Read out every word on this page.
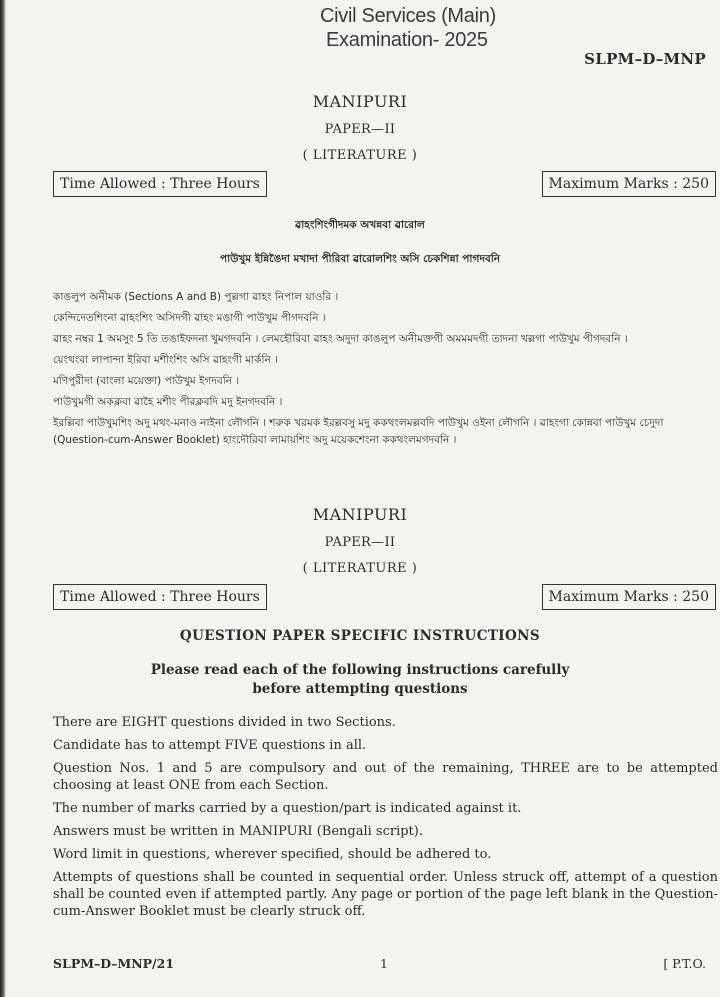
Civil Services (Main)
Examination- 2025
SLPM–D–MNP
MANIPURI
PAPER—II
( LITERATURE )
Time Allowed : Three Hours	Maximum Marks : 250
ৱাহংশিংগীদমক অখন্নবা ৱারোল
পাউখুম ইন্নিঙৈদা মখাদা পীরিবা ৱারোলশিং অসি চেকশিন্না পাগদবনি
কাঙলুপ অনীমক (Sections A and B) পুল্লগা ৱাহং নিপাল য়াওরি ।
কেন্দিদেতশিংনা ৱাহংশিং অসিদগী ৱাহং মঙাগী পাউখুম পীগদবনি ।
ৱাহং নম্বর 1 অমসুং 5 তি তঙাইফদনা খুমগদবনি । লেমহৌরিবা ৱাহং অদুদা কাঙলুপ অনীমক্তগী অমমমদগী তাদনা খল্লগা পাউখুম পীগদবনি ।
য়েংথংবা লাপান্দা ইরিবা মশীংশিং অসি ৱাহংগী মার্কনি ।
মণিপুরীদা (বাংলা ময়েক্তা) পাউখুম ইগদবনি ।
পাউখুমগী অকক্লবা ৱাহৈ মশীং পীরক্লবদি মদু ইনগদবনি ।
ইরল্লিবা পাউখুমশিং অদু মথং-মনাও নাইনা লৌগনি । শরুক খরমক ইরল্লবসু মদু ককথংলমল্লবদি পাউখুম ওইনা লৌগনি । ৱাহংগা কোন্নবা পাউখুম চেদুদা (Question-cum-Answer Booklet) হাংদৌরিবা লামায়শিং অদু ময়েকশেংনা ককথংলমগদবনি ।
MANIPURI
PAPER—II
( LITERATURE )
Time Allowed : Three Hours	Maximum Marks : 250
QUESTION PAPER SPECIFIC INSTRUCTIONS
Please read each of the following instructions carefully
before attempting questions

There are EIGHT questions divided in two Sections.

Candidate has to attempt FIVE questions in all.

Question Nos. 1 and 5 are compulsory and out of the remaining, THREE are to be attempted choosing at least ONE from each Section.

The number of marks carried by a question/part is indicated against it.

Answers must be written in MANIPURI (Bengali script).

Word limit in questions, wherever specified, should be adhered to.

Attempts of questions shall be counted in sequential order. Unless struck off, attempt of a question shall be counted even if attempted partly. Any page or portion of the page left blank in the Question-cum-Answer Booklet must be clearly struck off.

SLPM–D–MNP/21	1	[ P.T.O.
